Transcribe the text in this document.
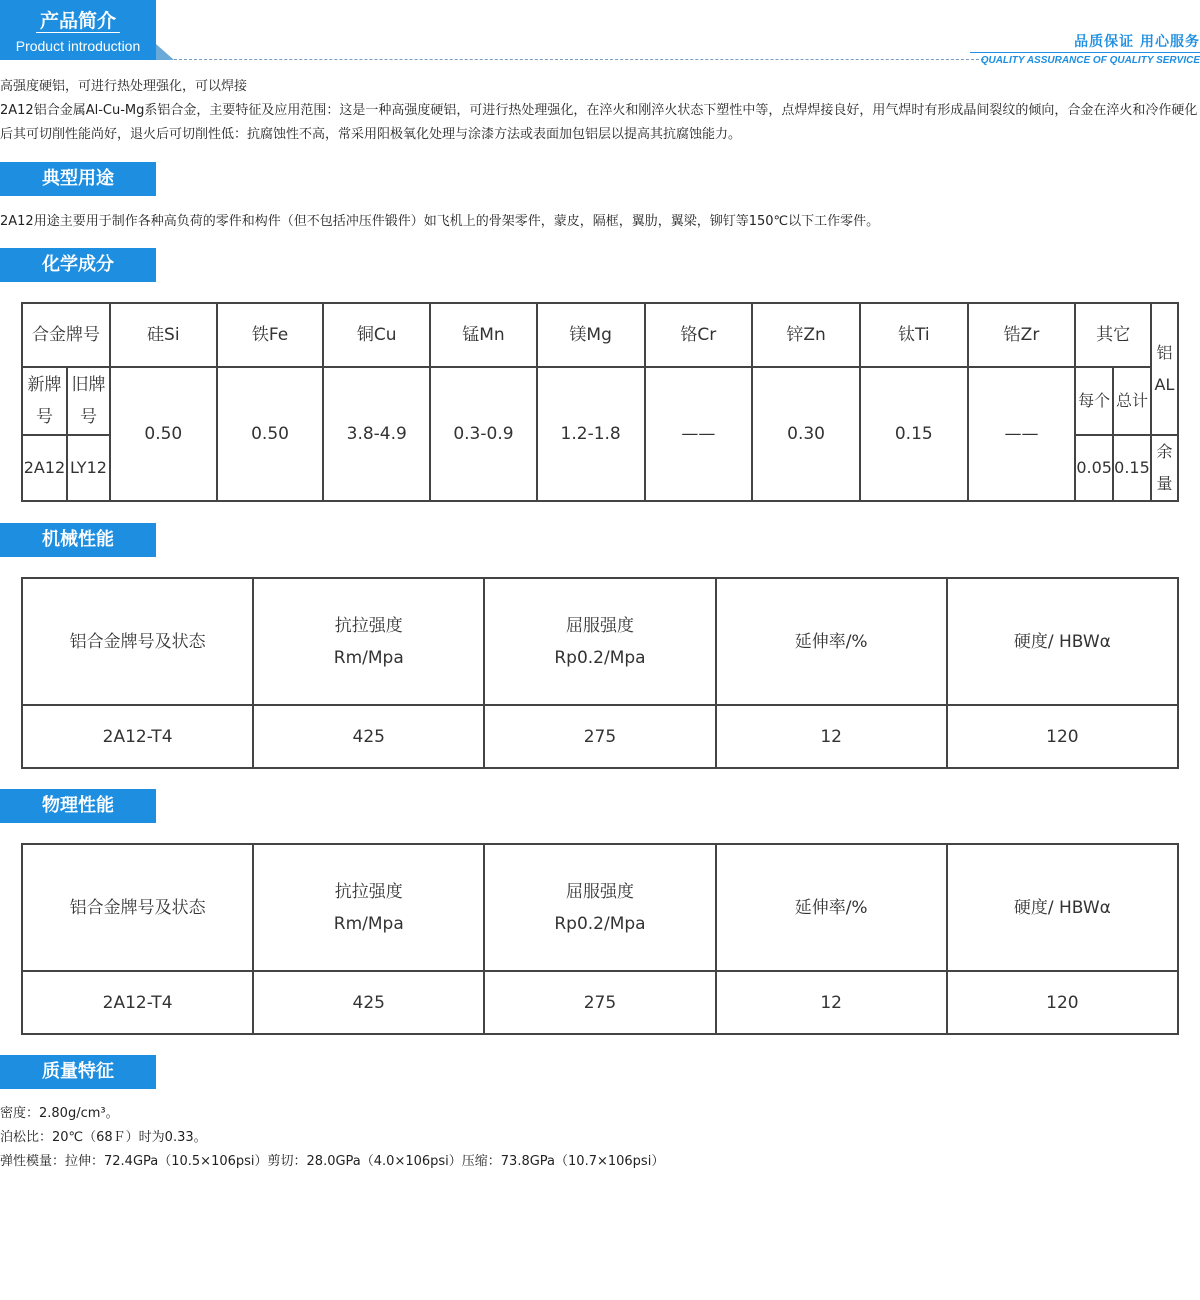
产品简介
Product introduction	品质保证 用心服务
QUALITY ASSURANCE OF QUALITY SERVICE
高强度硬铝，可进行热处理强化，可以焊接
2A12铝合金属Al-Cu-Mg系铝合金，主要特征及应用范围：这是一种高强度硬铝，可进行热处理强化，在淬火和刚淬火状态下塑性中等，点焊焊接良好，用气焊时有形成晶间裂纹的倾向，合金在淬火和冷作硬化后其可切削性能尚好，退火后可切削性低：抗腐蚀性不高，常采用阳极氧化处理与涂漆方法或表面加包铝层以提高其抗腐蚀能力。
典型用途
2A12用途主要用于制作各种高负荷的零件和构件（但不包括冲压件锻件）如飞机上的骨架零件，蒙皮，隔框，翼肋，翼梁，铆钉等150℃以下工作零件。
化学成分
合金牌号		硅Si	铁Fe	铜Cu	锰Mn	镁Mg	铬Cr	锌Zn	钛Ti	锆Zr	其它		铝AL
新牌号	旧牌号	0.50	0.50	3.8-4.9	0.3-0.9	1.2-1.8	——	0.30	0.15	——	每个	总计	
2A12	LY12										0.05	0.15	余量
机械性能
铝合金牌号及状态	抗拉强度Rm/Mpa	屈服强度Rp0.2/Mpa	延伸率/%	硬度/ HBWα
2A12-T4	425	275	12	120
物理性能
铝合金牌号及状态	抗拉强度Rm/Mpa	屈服强度Rp0.2/Mpa	延伸率/%	硬度/ HBWα
2A12-T4	425	275	12	120
质量特征
密度：2.80g/cm³。
泊松比：20℃（68Ｆ）时为0.33。
弹性模量：拉伸：72.4GPa（10.5×106psi）剪切：28.0GPa（4.0×106psi）压缩：73.8GPa（10.7×106psi）
